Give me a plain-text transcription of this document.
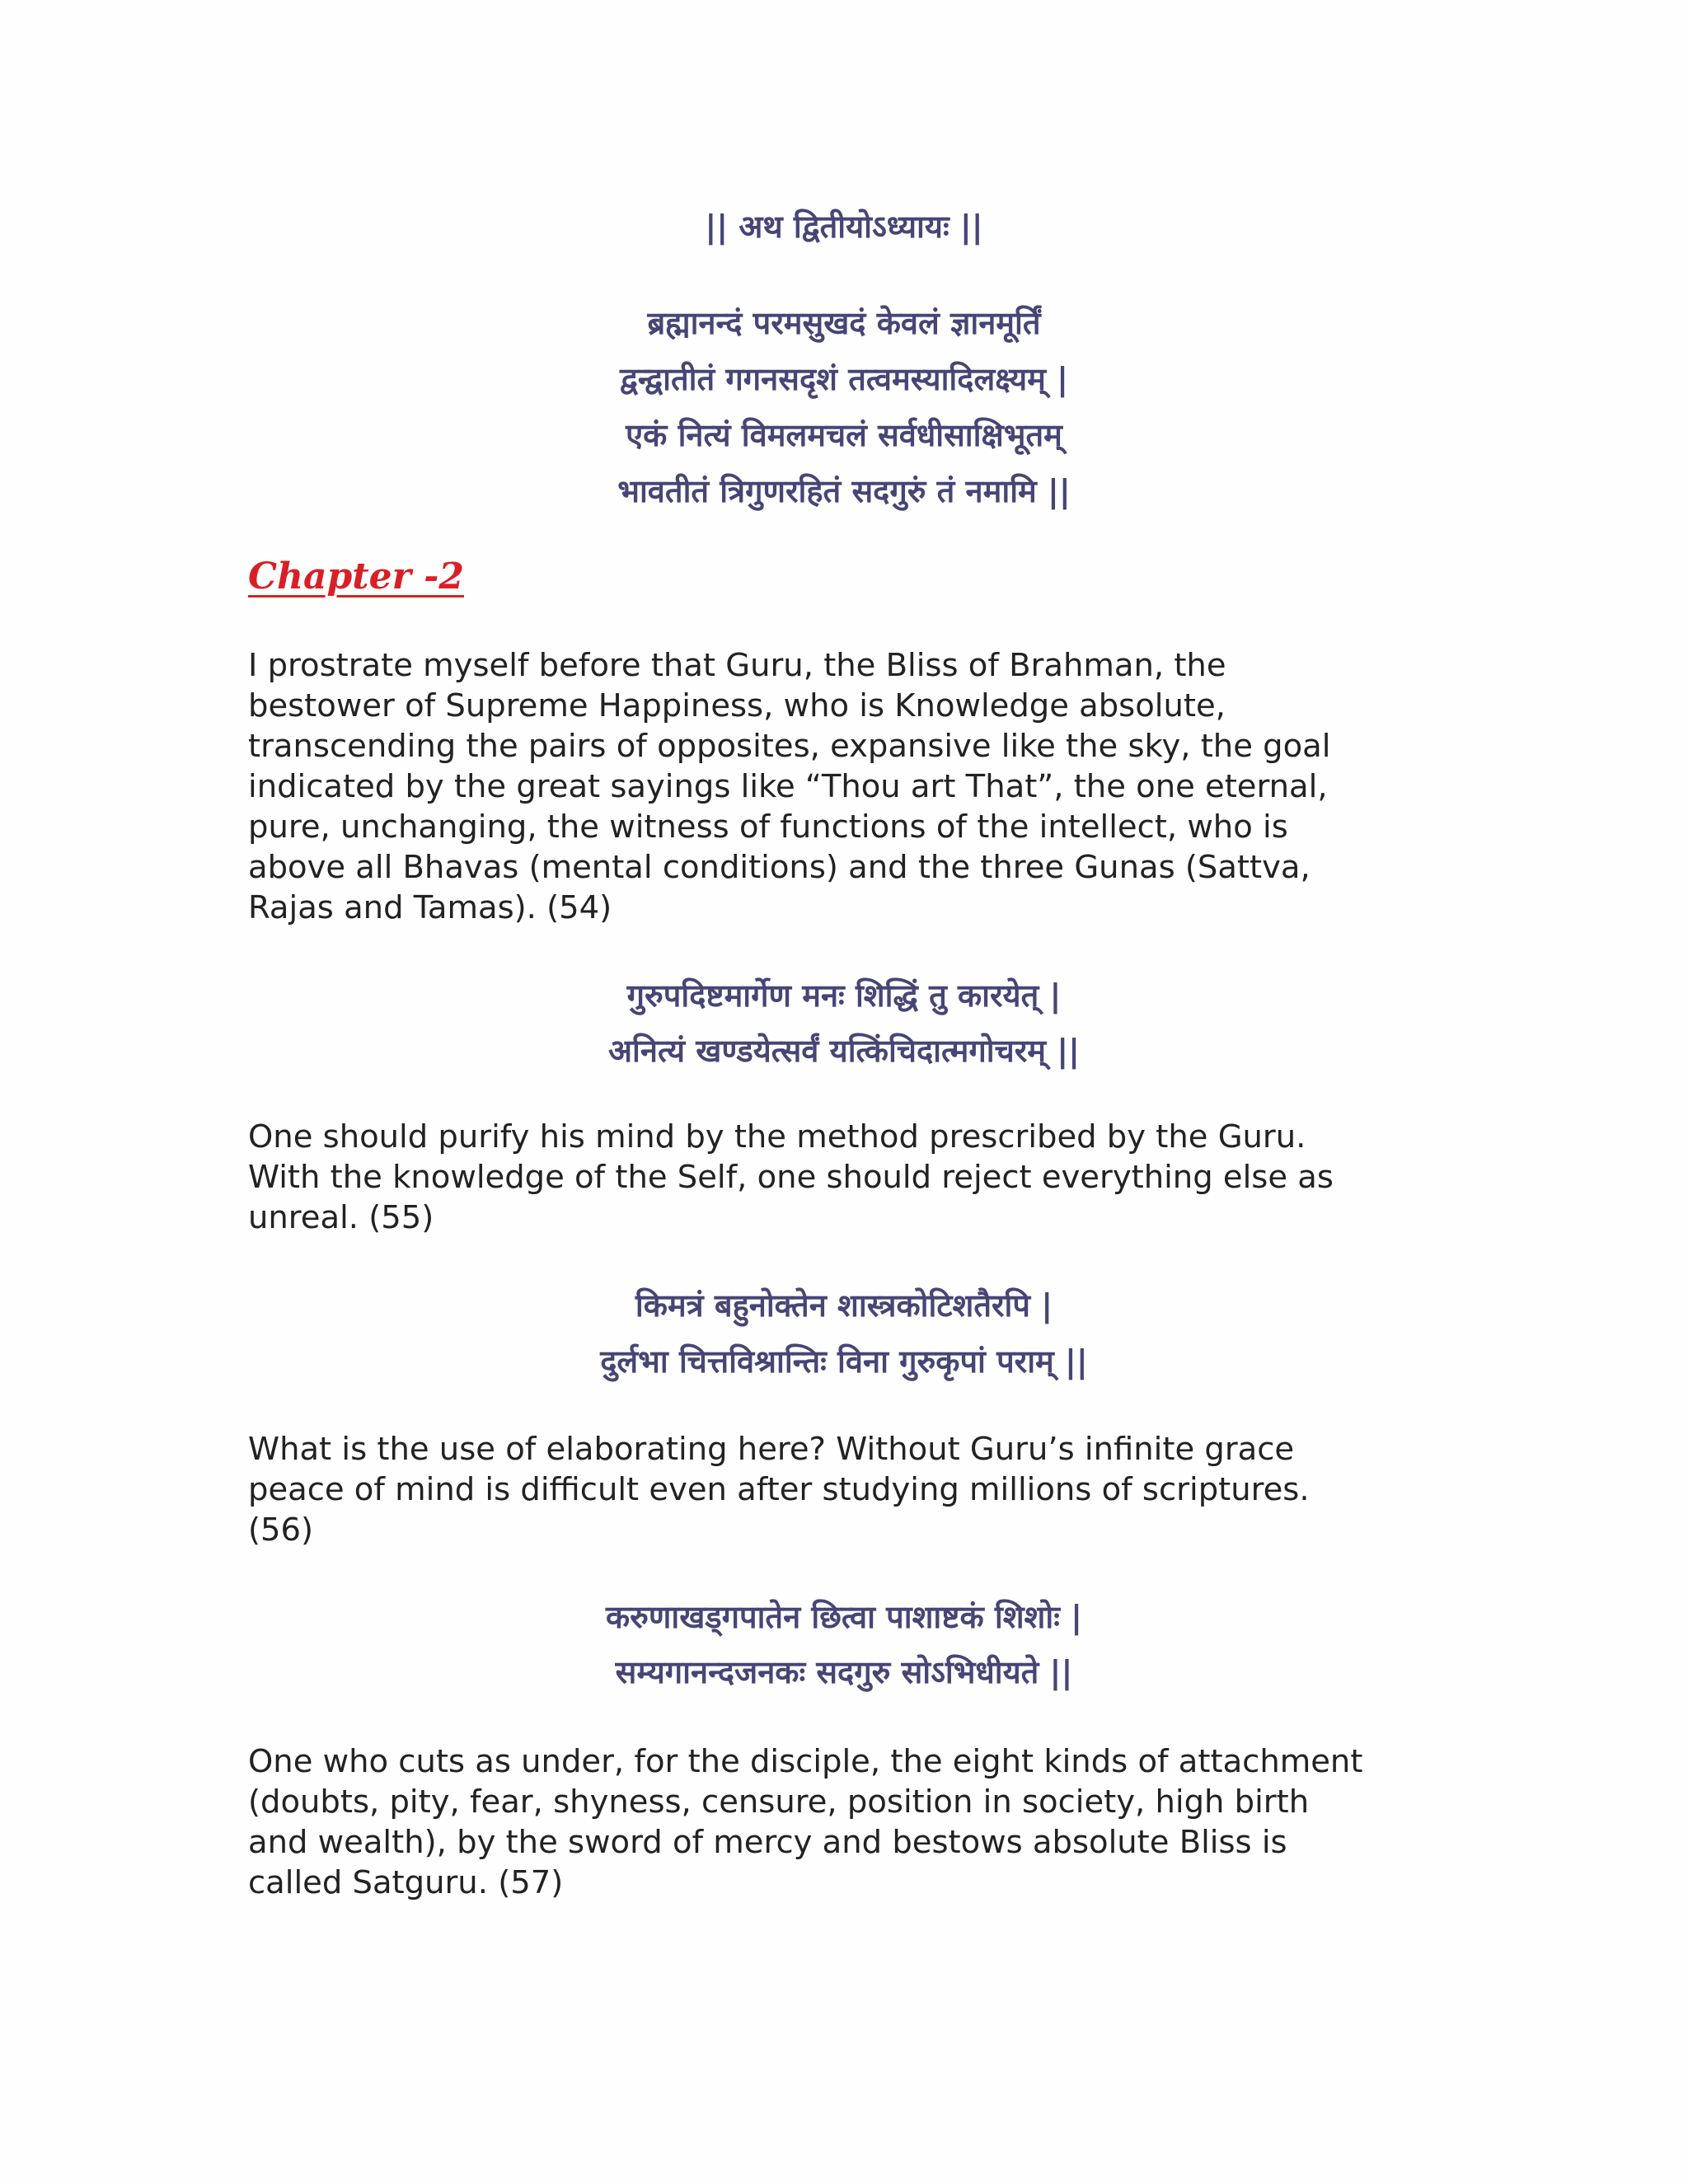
|| अथ द्वितीयोऽध्यायः ||
ब्रह्मानन्दं परमसुखदं केवलं ज्ञानमूर्तिं
द्वन्द्वातीतं गगनसदृशं तत्वमस्यादिलक्ष्यम् |
एकं नित्यं विमलमचलं सर्वधीसाक्षिभूतम्
भावतीतं त्रिगुणरहितं सदगुरुं तं नमामि ||
Chapter -2

I prostrate myself before that Guru, the Bliss of Brahman, the

bestower of Supreme Happiness, who is Knowledge absolute,

transcending the pairs of opposites, expansive like the sky, the goal

indicated by the great sayings like “Thou art That”, the one eternal,

pure, unchanging, the witness of functions of the intellect, who is

above all Bhavas (mental conditions) and the three Gunas (Sattva,

Rajas and Tamas). (54)

गुरुपदिष्टमार्गेण मनः शिद्धिं तु कारयेत् |
अनित्यं खण्डयेत्सर्वं यत्किंचिदात्मगोचरम् ||

One should purify his mind by the method prescribed by the Guru.

With the knowledge of the Self, one should reject everything else as

unreal. (55)

किमत्रं बहुनोक्तेन शास्त्रकोटिशतैरपि |
दुर्लभा चित्तविश्रान्तिः विना गुरुकृपां पराम् ||

What is the use of elaborating here? Without Guru’s infinite grace

peace of mind is difficult even after studying millions of scriptures.

(56)

करुणाखड्गपातेन छित्वा पाशाष्टकं शिशोः |
सम्यगानन्दजनकः सदगुरु सोऽभिधीयते ||

One who cuts as under, for the disciple, the eight kinds of attachment

(doubts, pity, fear, shyness, censure, position in society, high birth

and wealth), by the sword of mercy and bestows absolute Bliss is

called Satguru. (57)
